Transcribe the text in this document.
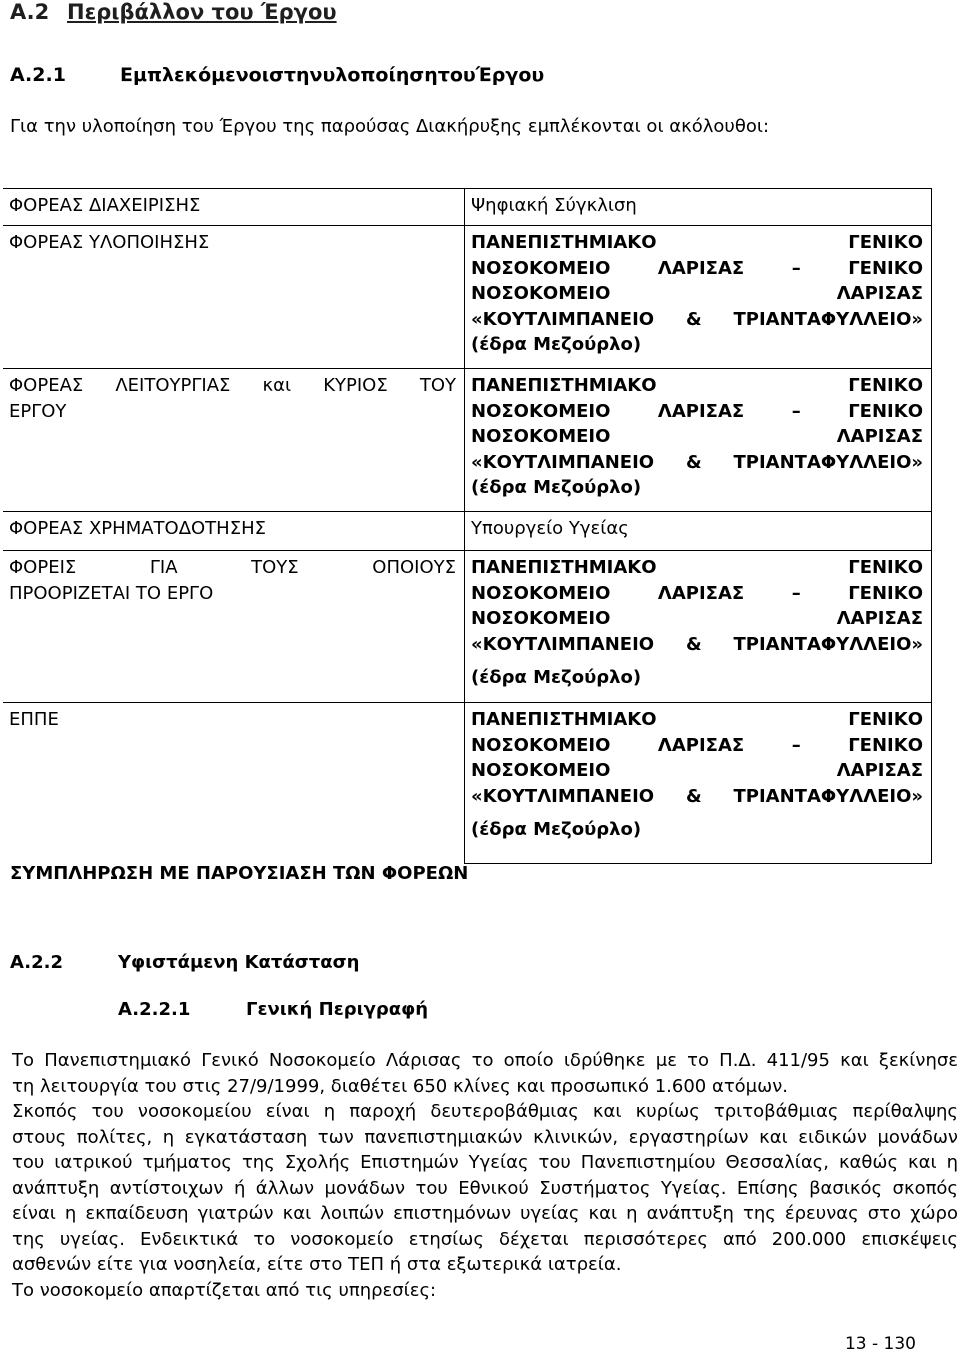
A.2 Περιβάλλον του Έργου
A.2.1	ΕμπλεκόμενοιστηνυλοποίησητουΈργου
Για την υλοποίηση του Έργου της παρούσας Διακήρυξης εμπλέκονται οι ακόλουθοι:
ΦΟΡΕΑΣ ΔΙΑΧΕΙΡΙΣΗΣ	Ψηφιακή Σύγκλιση

ΦΟΡΕΑΣ ΥΛΟΠΟΙΗΣΗΣ	ΠΑΝΕΠΙΣΤΗΜΙΑΚΟ ΓΕΝΙΚΟ
ΝΟΣΟΚΟΜΕΙΟ ΛΑΡΙΣΑΣ – ΓΕΝΙΚΟ
ΝΟΣΟΚΟΜΕΙΟ ΛΑΡΙΣΑΣ
«ΚΟΥΤΛΙΜΠΑΝΕΙΟ & ΤΡΙΑΝΤΑΦΥΛΛΕΙΟ»
(έδρα Μεζούρλο)

ΦΟΡΕΑΣ ΛΕΙΤΟΥΡΓΙΑΣ και ΚΥΡΙΟΣ ΤΟΥ
ΕΡΓΟΥ	ΠΑΝΕΠΙΣΤΗΜΙΑΚΟ ΓΕΝΙΚΟ
ΝΟΣΟΚΟΜΕΙΟ ΛΑΡΙΣΑΣ – ΓΕΝΙΚΟ
ΝΟΣΟΚΟΜΕΙΟ ΛΑΡΙΣΑΣ
«ΚΟΥΤΛΙΜΠΑΝΕΙΟ & ΤΡΙΑΝΤΑΦΥΛΛΕΙΟ»
(έδρα Μεζούρλο)

ΦΟΡΕΑΣ ΧΡΗΜΑΤΟΔΟΤΗΣΗΣ	Υπουργείο Υγείας

ΦΟΡΕΙΣ ΓΙΑ ΤΟΥΣ ΟΠΟΙΟΥΣ
ΠΡΟΟΡΙΖΕΤΑΙ ΤΟ ΕΡΓΟ	ΠΑΝΕΠΙΣΤΗΜΙΑΚΟ ΓΕΝΙΚΟ
ΝΟΣΟΚΟΜΕΙΟ ΛΑΡΙΣΑΣ – ΓΕΝΙΚΟ
ΝΟΣΟΚΟΜΕΙΟ ΛΑΡΙΣΑΣ
«ΚΟΥΤΛΙΜΠΑΝΕΙΟ & ΤΡΙΑΝΤΑΦΥΛΛΕΙΟ»
(έδρα Μεζούρλο)

ΕΠΠΕ	ΠΑΝΕΠΙΣΤΗΜΙΑΚΟ ΓΕΝΙΚΟ
ΝΟΣΟΚΟΜΕΙΟ ΛΑΡΙΣΑΣ – ΓΕΝΙΚΟ
ΝΟΣΟΚΟΜΕΙΟ ΛΑΡΙΣΑΣ
«ΚΟΥΤΛΙΜΠΑΝΕΙΟ & ΤΡΙΑΝΤΑΦΥΛΛΕΙΟ»
(έδρα Μεζούρλο)
ΣΥΜΠΛΗΡΩΣΗ ΜΕ ΠΑΡΟΥΣΙΑΣΗ ΤΩΝ ΦΟΡΕΩΝ
A.2.2	Υφιστάμενη Κατάσταση
A.2.2.1	Γενική Περιγραφή

Το Πανεπιστημιακό Γενικό Νοσοκομείο Λάρισας το οποίο ιδρύθηκε με το Π.Δ. 411/95 και ξεκίνησε
τη λειτουργία του στις 27/9/1999, διαθέτει 650 κλίνες και προσωπικό 1.600 ατόμων.

Σκοπός του νοσοκομείου είναι η παροχή δευτεροβάθμιας και κυρίως τριτοβάθμιας περίθαλψης
στους πολίτες, η εγκατάσταση των πανεπιστημιακών κλινικών, εργαστηρίων και ειδικών μονάδων
του ιατρικού τμήματος της Σχολής Επιστημών Υγείας του Πανεπιστημίου Θεσσαλίας, καθώς και η
ανάπτυξη αντίστοιχων ή άλλων μονάδων του Εθνικού Συστήματος Υγείας. Επίσης βασικός σκοπός
είναι η εκπαίδευση γιατρών και λοιπών επιστημόνων υγείας και η ανάπτυξη της έρευνας στο χώρο
της υγείας. Ενδεικτικά το νοσοκομείο ετησίως δέχεται περισσότερες από 200.000 επισκέψεις
ασθενών είτε για νοσηλεία, είτε στο ΤΕΠ ή στα εξωτερικά ιατρεία.

Το νοσοκομείο απαρτίζεται από τις υπηρεσίες:

13 - 130
